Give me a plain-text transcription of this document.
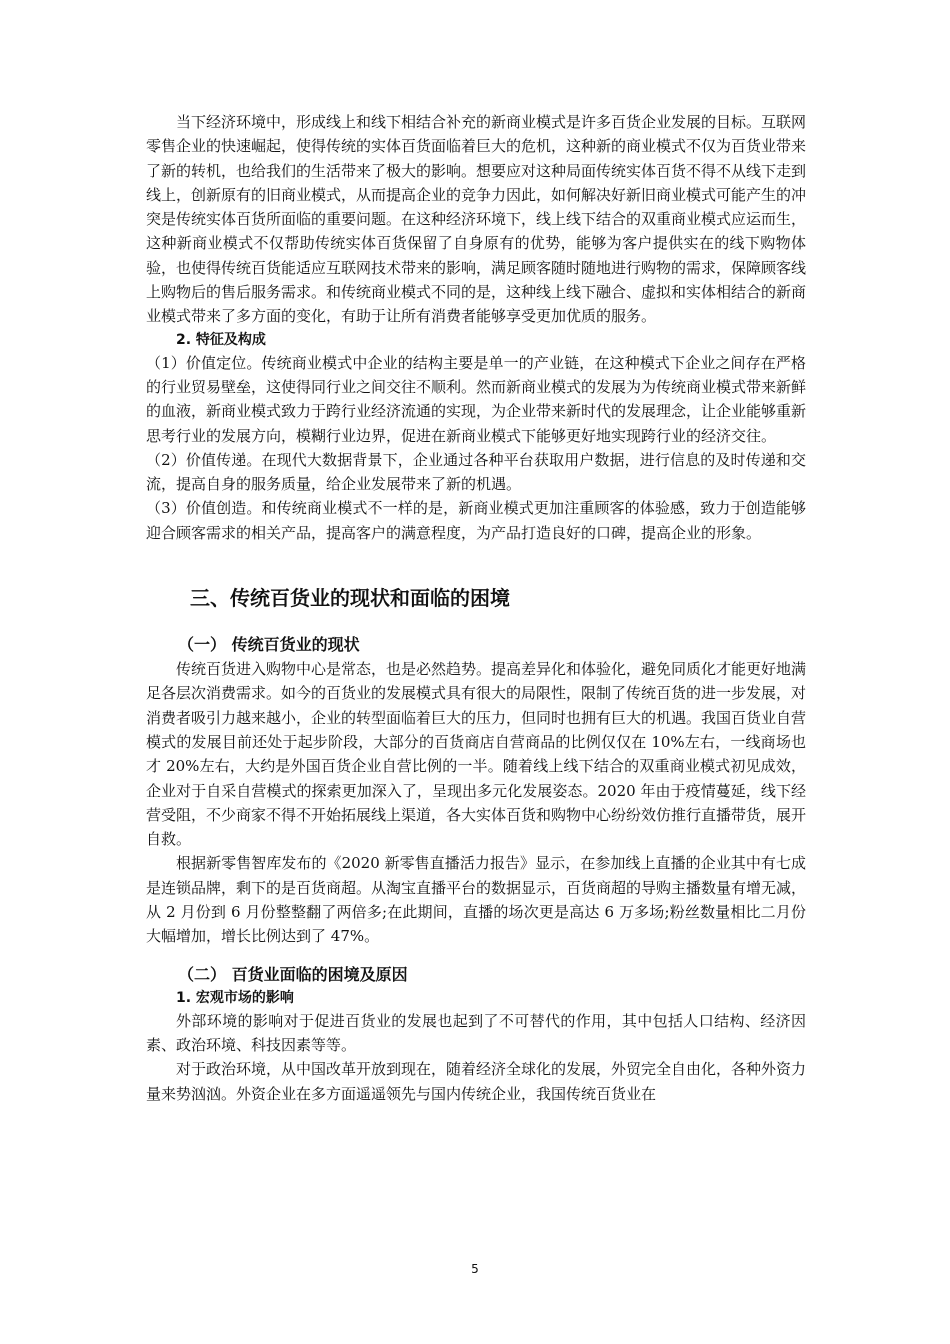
当下经济环境中，形成线上和线下相结合补充的新商业模式是许多百货企业发展的目标。互联网零售企业的快速崛起，使得传统的实体百货面临着巨大的危机，这种新的商业模式不仅为百货业带来了新的转机，也给我们的生活带来了极大的影响。想要应对这种局面传统实体百货不得不从线下走到线上，创新原有的旧商业模式，从而提高企业的竞争力因此，如何解决好新旧商业模式可能产生的冲突是传统实体百货所面临的重要问题。在这种经济环境下，线上线下结合的双重商业模式应运而生，这种新商业模式不仅帮助传统实体百货保留了自身原有的优势，能够为客户提供实在的线下购物体验，也使得传统百货能适应互联网技术带来的影响，满足顾客随时随地进行购物的需求，保障顾客线上购物后的售后服务需求。和传统商业模式不同的是，这种线上线下融合、虚拟和实体相结合的新商业模式带来了多方面的变化，有助于让所有消费者能够享受更加优质的服务。

2. 特征及构成

（1）价值定位。传统商业模式中企业的结构主要是单一的产业链，在这种模式下企业之间存在严格的行业贸易壁垒，这使得同行业之间交往不顺利。然而新商业模式的发展为为传统商业模式带来新鲜的血液，新商业模式致力于跨行业经济流通的实现，为企业带来新时代的发展理念，让企业能够重新思考行业的发展方向，模糊行业边界，促进在新商业模式下能够更好地实现跨行业的经济交往。

（2）价值传递。在现代大数据背景下，企业通过各种平台获取用户数据，进行信息的及时传递和交流，提高自身的服务质量，给企业发展带来了新的机遇。

（3）价值创造。和传统商业模式不一样的是，新商业模式更加注重顾客的体验感，致力于创造能够迎合顾客需求的相关产品，提高客户的满意程度，为产品打造良好的口碑，提高企业的形象。

三、传统百货业的现状和面临的困境
（一） 传统百货业的现状

传统百货进入购物中心是常态，也是必然趋势。提高差异化和体验化，避免同质化才能更好地满足各层次消费需求。如今的百货业的发展模式具有很大的局限性，限制了传统百货的进一步发展，对消费者吸引力越来越小，企业的转型面临着巨大的压力，但同时也拥有巨大的机遇。我国百货业自营模式的发展目前还处于起步阶段，大部分的百货商店自营商品的比例仅仅在 10%左右，一线商场也才 20%左右，大约是外国百货企业自营比例的一半。随着线上线下结合的双重商业模式初见成效，企业对于自采自营模式的探索更加深入了，呈现出多元化发展姿态。2020 年由于疫情蔓延，线下经营受阻，不少商家不得不开始拓展线上渠道，各大实体百货和购物中心纷纷效仿推行直播带货，展开自救。

根据新零售智库发布的《2020 新零售直播活力报告》显示，在参加线上直播的企业其中有七成是连锁品牌，剩下的是百货商超。从淘宝直播平台的数据显示，百货商超的导购主播数量有增无减，从 2 月份到 6 月份整整翻了两倍多;在此期间，直播的场次更是高达 6 万多场;粉丝数量相比二月份大幅增加，增长比例达到了 47%。

（二） 百货业面临的困境及原因
1. 宏观市场的影响

外部环境的影响对于促进百货业的发展也起到了不可替代的作用，其中包括人口结构、经济因素、政治环境、科技因素等等。

对于政治环境，从中国改革开放到现在，随着经济全球化的发展，外贸完全自由化，各种外资力量来势汹汹。外资企业在多方面遥遥领先与国内传统企业，我国传统百货业在

5
